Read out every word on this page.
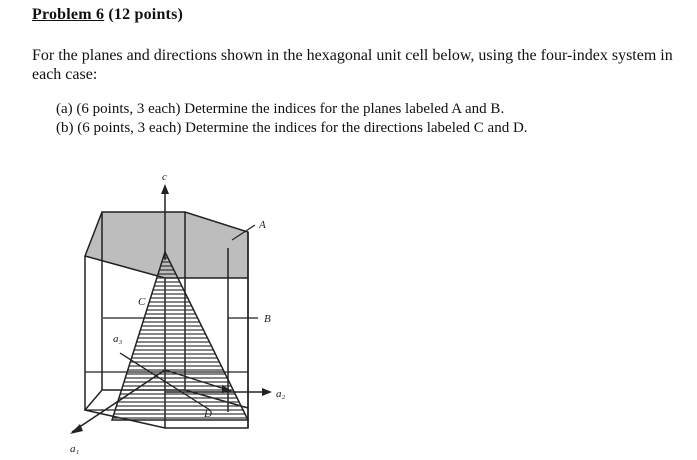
Problem 6 (12 points)
For the planes and directions shown in the hexagonal unit cell below, using the four-index system in
each case:
(a) (6 points, 3 each) Determine the indices for the planes labeled A and B.
(b) (6 points, 3 each) Determine the indices for the directions labeled C and D.
c
A
B
C
D
a₁
a₂
a₃
